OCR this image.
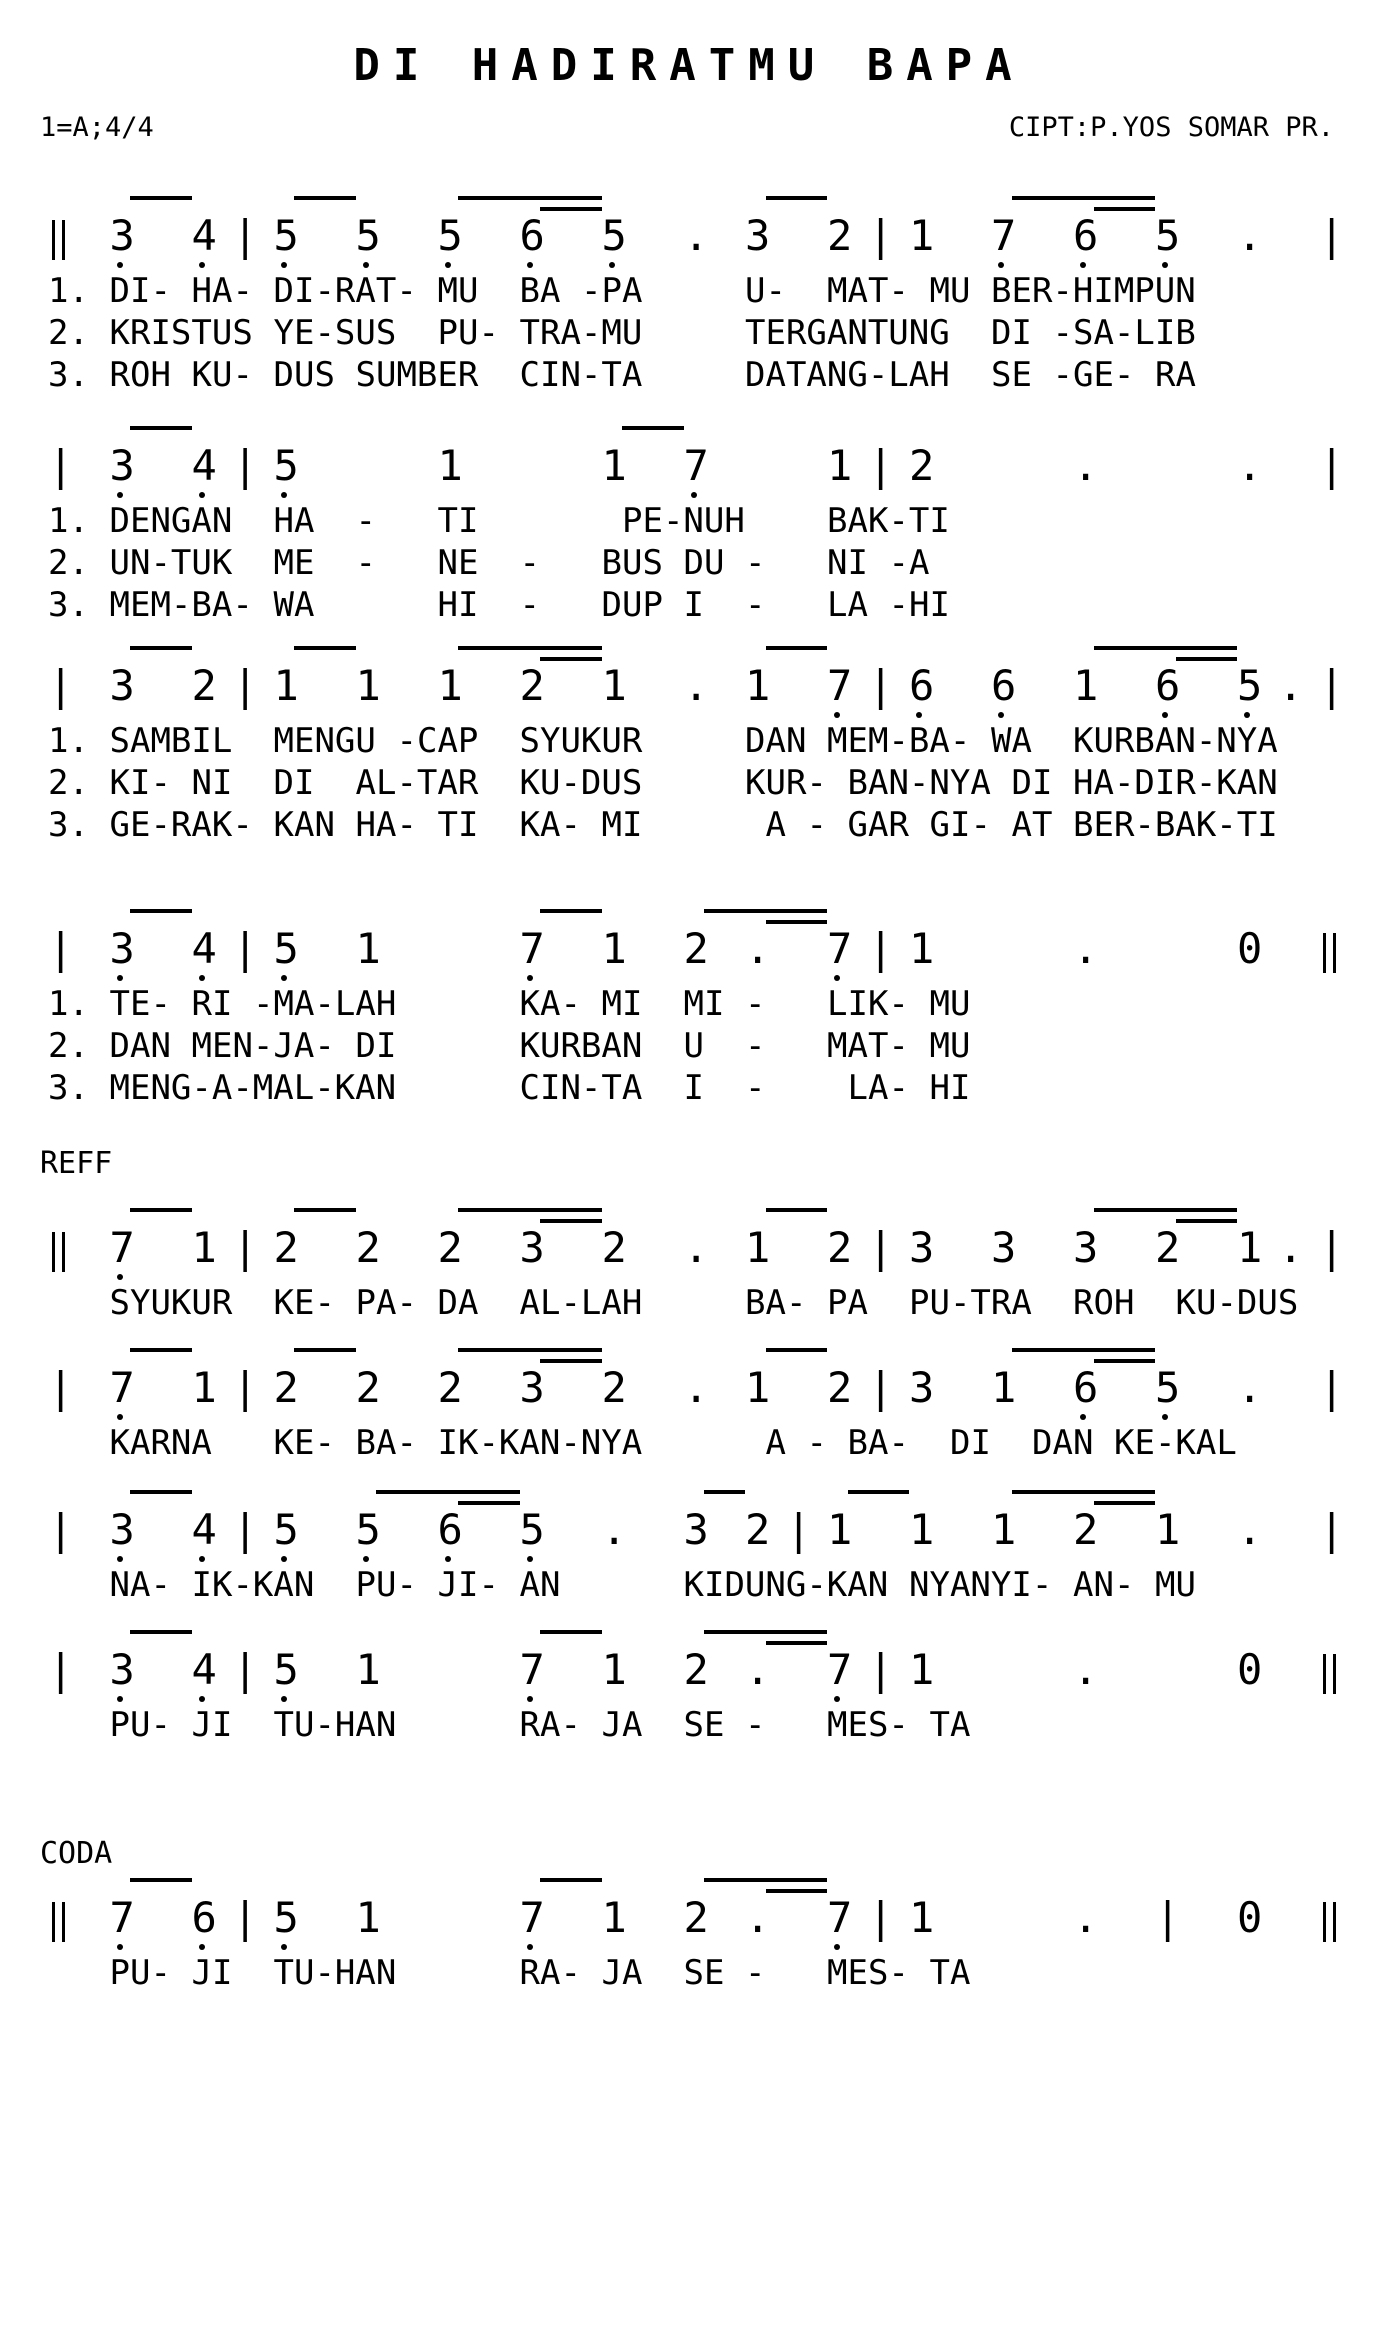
DI HADIRATMU BAPA
1=A;4/4	CIPT:P.YOS SOMAR PR.
REFF
CODA
3 4 | 5 5 5 6 5 . 3 2 | 1 7 6 5 . |
1. DI- HA- DI-RAT- MU BA -PA	U- MAT- MU BER-HIMPUN
2. KRISTUS YE-SUS PU- TRA-MU	TERGANTUNG DI -SA-LIB
3. ROH KU- DUS SUMBER CIN-TA	DATANG-LAH SE -GE- RA
| 3 4 | 5	1	1 7	1 | 2	.	. |
1. DENGAN HA - TI	PE-NUH BAK-TI
2. UN-TUK ME - NE - BUS DU - NI -A
3. MEM-BA- WA	HI - DUP I - LA -HI
| 3 2 | 1 1 1 2 1 . 1 7 | 6 6 1 6 5 . |
1. SAMBIL MENGU -CAP SYUKUR	DAN MEM-BA- WA KURBAN-NYA
2. KI- NI DI AL-TAR KU-DUS	KUR- BAN-NYA DI HA-DIR-KAN
3. GE-RAK- KAN HA- TI KA- MI	A - GAR GI- AT BER-BAK-TI
| 3 4 | 5 1	7 1 2 . 7 | 1	.	0
1. TE- RI -MA-LAH	KA- MI MI - LIK- MU
2. DAN MEN-JA- DI	KURBAN U - MAT- MU
3. MENG-A-MAL-KAN	CIN-TA I - LA- HI
7 1 | 2 2 2 3 2 . 1 2 | 3 3 3 2 1 . |
SYUKUR KE- PA- DA AL-LAH	BA- PA PU-TRA ROH KU-DUS
| 7 1 | 2 2 2 3 2 . 1 2 | 3 1 6 5 . |
KARNA KE- BA- IK-KAN-NYA	A - BA- DI DAN KE-KAL
| 3 4 | 5 5 6 5 . 3 2 | 1 1 1 2 1 . |
NA- IK-KAN PU- JI- AN	KIDUNG-KAN NYANYI- AN- MU
| 3 4 | 5 1	7 1 2 . 7 | 1	.	0
PU- JI TU-HAN	RA- JA SE - MES- TA
7 6 | 5 1	7 1 2 . 7 | 1	. | 0
PU- JI TU-HAN	RA- JA SE - MES- TA
